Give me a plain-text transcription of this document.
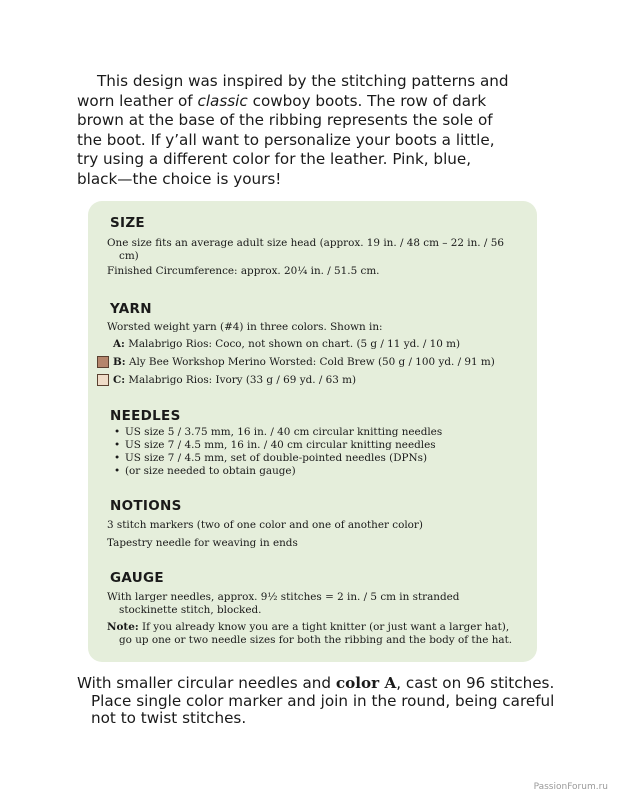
This design was inspired by the stitching patterns and
worn leather of classic cowboy boots. The row of dark
brown at the base of the ribbing represents the sole of
the boot. If y’all want to personalize your boots a little,
try using a different color for the leather. Pink, blue,
black—the choice is yours!

SIZE
One size fits an average adult size head (approx. 19 in. / 48 cm – 22 in. / 56
cm)
Finished Circumference: approx. 20¼ in. / 51.5 cm.
YARN
Worsted weight yarn (#4) in three colors. Shown in:
A: Malabrigo Rios: Coco, not shown on chart. (5 g / 11 yd. / 10 m)
B: Aly Bee Workshop Merino Worsted: Cold Brew (50 g / 100 yd. / 91 m)
C: Malabrigo Rios: Ivory (33 g / 69 yd. / 63 m)
NEEDLES
• US size 5 / 3.75 mm, 16 in. / 40 cm circular knitting needles
• US size 7 / 4.5 mm, 16 in. / 40 cm circular knitting needles
• US size 7 / 4.5 mm, set of double-pointed needles (DPNs)
• (or size needed to obtain gauge)
NOTIONS
3 stitch markers (two of one color and one of another color)
Tapestry needle for weaving in ends
GAUGE
With larger needles, approx. 9½ stitches = 2 in. / 5 cm in stranded
stockinette stitch, blocked.
Note: If you already know you are a tight knitter (or just want a larger hat),
go up one or two needle sizes for both the ribbing and the body of the hat.

With smaller circular needles and color A, cast on 96 stitches.
Place single color marker and join in the round, being careful
not to twist stitches.

PassionForum.ru
